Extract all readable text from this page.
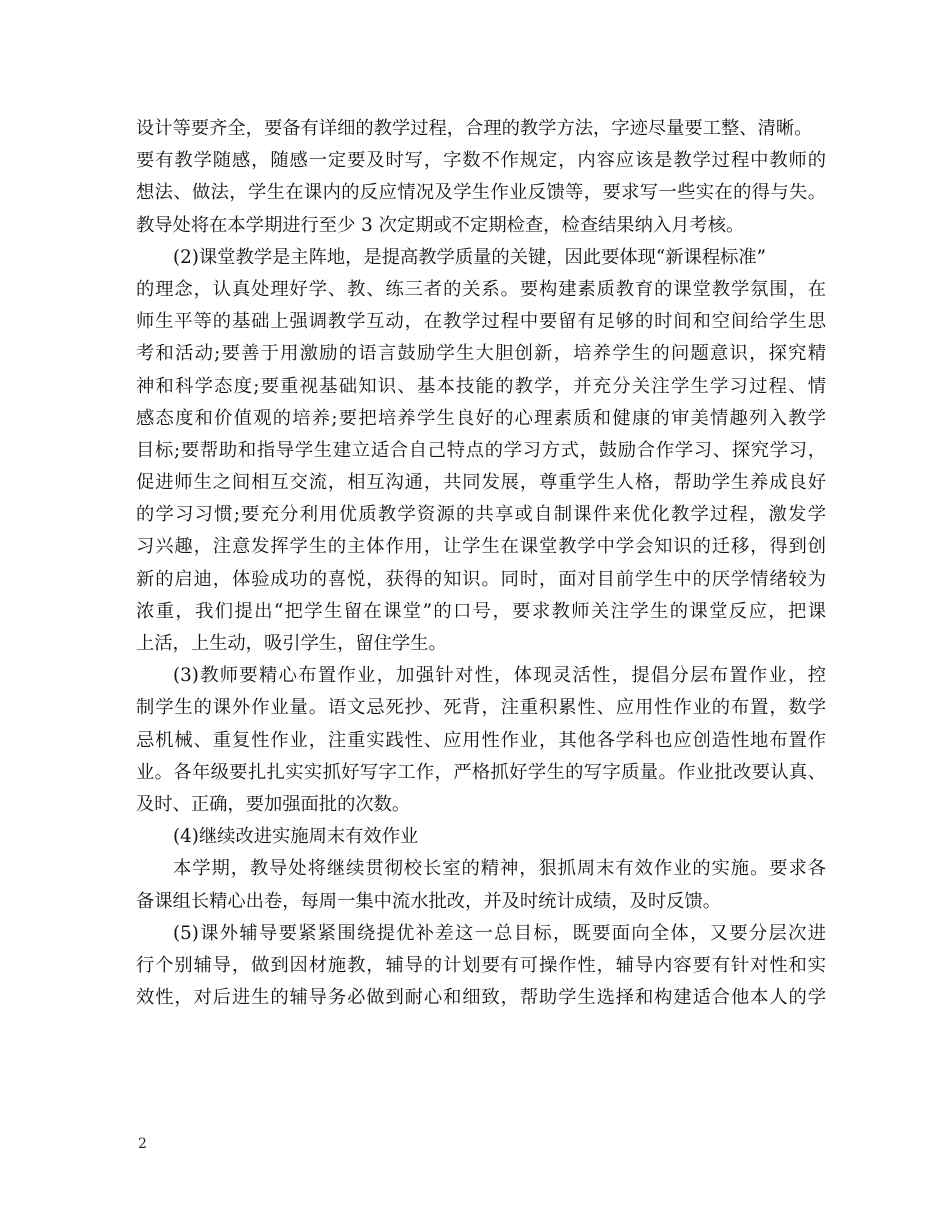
设计等要齐全，要备有详细的教学过程，合理的教学方法，字迹尽量要工整、清晰。
要有教学随感，随感一定要及时写，字数不作规定，内容应该是教学过程中教师的
想法、做法，学生在课内的反应情况及学生作业反馈等，要求写一些实在的得与失。
教导处将在本学期进行至少 3 次定期或不定期检查，检查结果纳入月考核。
(2)课堂教学是主阵地，是提高教学质量的关键，因此要体现“新课程标准”
的理念，认真处理好学、教、练三者的关系。要构建素质教育的课堂教学氛围，在
师生平等的基础上强调教学互动，在教学过程中要留有足够的时间和空间给学生思
考和活动;要善于用激励的语言鼓励学生大胆创新，培养学生的问题意识，探究精
神和科学态度;要重视基础知识、基本技能的教学，并充分关注学生学习过程、情
感态度和价值观的培养;要把培养学生良好的心理素质和健康的审美情趣列入教学
目标;要帮助和指导学生建立适合自己特点的学习方式，鼓励合作学习、探究学习，
促进师生之间相互交流，相互沟通，共同发展，尊重学生人格，帮助学生养成良好
的学习习惯;要充分利用优质教学资源的共享或自制课件来优化教学过程，激发学
习兴趣，注意发挥学生的主体作用，让学生在课堂教学中学会知识的迁移，得到创
新的启迪，体验成功的喜悦，获得的知识。同时，面对目前学生中的厌学情绪较为
浓重，我们提出“把学生留在课堂”的口号，要求教师关注学生的课堂反应，把课
上活，上生动，吸引学生，留住学生。
(3)教师要精心布置作业，加强针对性，体现灵活性，提倡分层布置作业，控
制学生的课外作业量。语文忌死抄、死背，注重积累性、应用性作业的布置，数学
忌机械、重复性作业，注重实践性、应用性作业，其他各学科也应创造性地布置作
业。各年级要扎扎实实抓好写字工作，严格抓好学生的写字质量。作业批改要认真、
及时、正确，要加强面批的次数。
(4)继续改进实施周末有效作业
本学期，教导处将继续贯彻校长室的精神，狠抓周末有效作业的实施。要求各
备课组长精心出卷，每周一集中流水批改，并及时统计成绩，及时反馈。
(5)课外辅导要紧紧围绕提优补差这一总目标，既要面向全体，又要分层次进
行个别辅导，做到因材施教，辅导的计划要有可操作性，辅导内容要有针对性和实
效性，对后进生的辅导务必做到耐心和细致，帮助学生选择和构建适合他本人的学
2
